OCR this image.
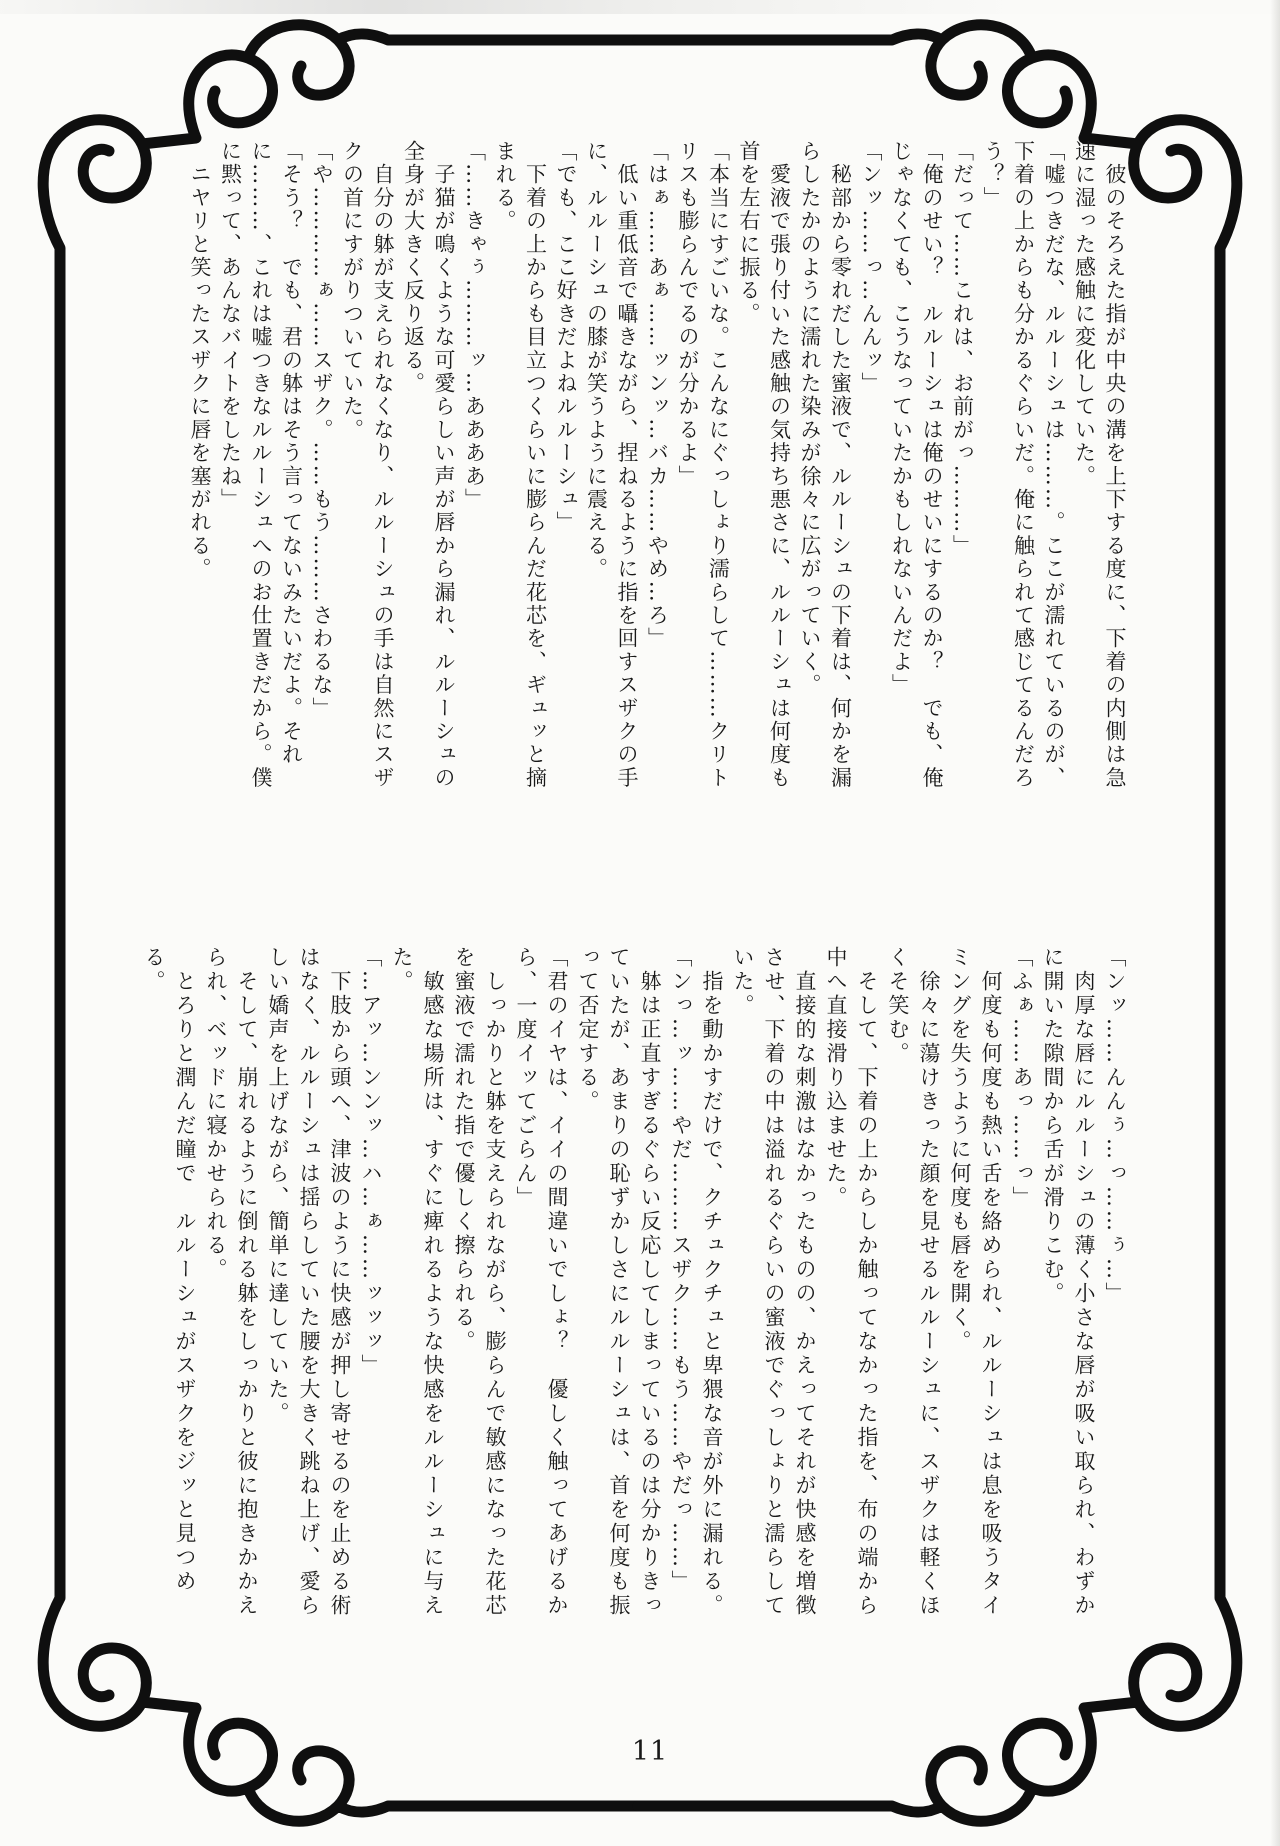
　彼のそろえた指が中央の溝を上下する度に、下着の内側は急速に湿った感触に変化していた。

「嘘つきだな、ルルーシュは………。ここが濡れているのが、下着の上からも分かるぐらいだ。俺に触られて感じてるんだろう？」

「だって……これは、お前がっ………」

「俺のせい？　ルルーシュは俺のせいにするのか？　でも、俺じゃなくても、こうなっていたかもしれないんだよ」

「ンッ……っ…んんッ」

　秘部から零れだした蜜液で、ルルーシュの下着は、何かを漏らしたかのように濡れた染みが徐々に広がっていく。

　愛液で張り付いた感触の気持ち悪さに、ルルーシュは何度も首を左右に振る。

「本当にすごいな。こんなにぐっしょり濡らして………クリトリスも膨らんでるのが分かるよ」

「はぁ……あぁ……ッンッ…バカ……やめ…ろ」

　低い重低音で囁きながら、捏ねるように指を回すスザクの手に、ルルーシュの膝が笑うように震える。

「でも、ここ好きだよねルルーシュ」

　下着の上からも目立つくらいに膨らんだ花芯を、ギュッと摘まれる。

「……きゃぅ………ッ…ああああ」

　子猫が鳴くような可愛らしい声が唇から漏れ、ルルーシュの全身が大きく反り返る。

　自分の躰が支えられなくなり、ルルーシュの手は自然にスザクの首にすがりついていた。

「や…………ぁ……スザク。……もう………さわるな」

「そう？　でも、君の躰はそう言ってないみたいだよ。それに………、これは嘘つきなルルーシュへのお仕置きだから。僕に黙って、あんなバイトをしたね」

　ニヤリと笑ったスザクに唇を塞がれる。

「ンッ……んんぅ…っ……ぅ…」

　肉厚な唇にルルーシュの薄く小さな唇が吸い取られ、わずかに開いた隙間から舌が滑りこむ。

「ふぁ……あっ……っ」

　何度も何度も熱い舌を絡められ、ルルーシュは息を吸うタイミングを失うように何度も唇を開く。

　徐々に蕩けきった顔を見せるルルーシュに、スザクは軽くほくそ笑む。

　そして、下着の上からしか触ってなかった指を、布の端から中へ直接滑り込ませた。

　直接的な刺激はなかったものの、かえってそれが快感を増徴させ、下着の中は溢れるぐらいの蜜液でぐっしょりと濡らしていた。

　指を動かすだけで、クチュクチュと卑猥な音が外に漏れる。

「ンっ…ッ……やだ………スザク……もう……やだっ……」

　躰は正直すぎるぐらい反応してしまっているのは分かりきっていたが、あまりの恥ずかしさにルルーシュは、首を何度も振って否定する。

「君のイヤは、イイの間違いでしょ？　優しく触ってあげるから、一度イッてごらん」

　しっかりと躰を支えられながら、膨らんで敏感になった花芯を蜜液で濡れた指で優しく擦られる。

　敏感な場所は、すぐに痺れるような快感をルルーシュに与えた。

「…アッ…ンンッ…ハ…ぁ……ッッッ」

　下肢から頭へ、津波のように快感が押し寄せるのを止める術はなく、ルルーシュは揺らしていた腰を大きく跳ね上げ、愛らしい嬌声を上げながら、簡単に達していた。

　そして、崩れるように倒れる躰をしっかりと彼に抱きかかえられ、ベッドに寝かせられる。

　とろりと潤んだ瞳で　ルルーシュがスザクをジッと見つめる。

11
